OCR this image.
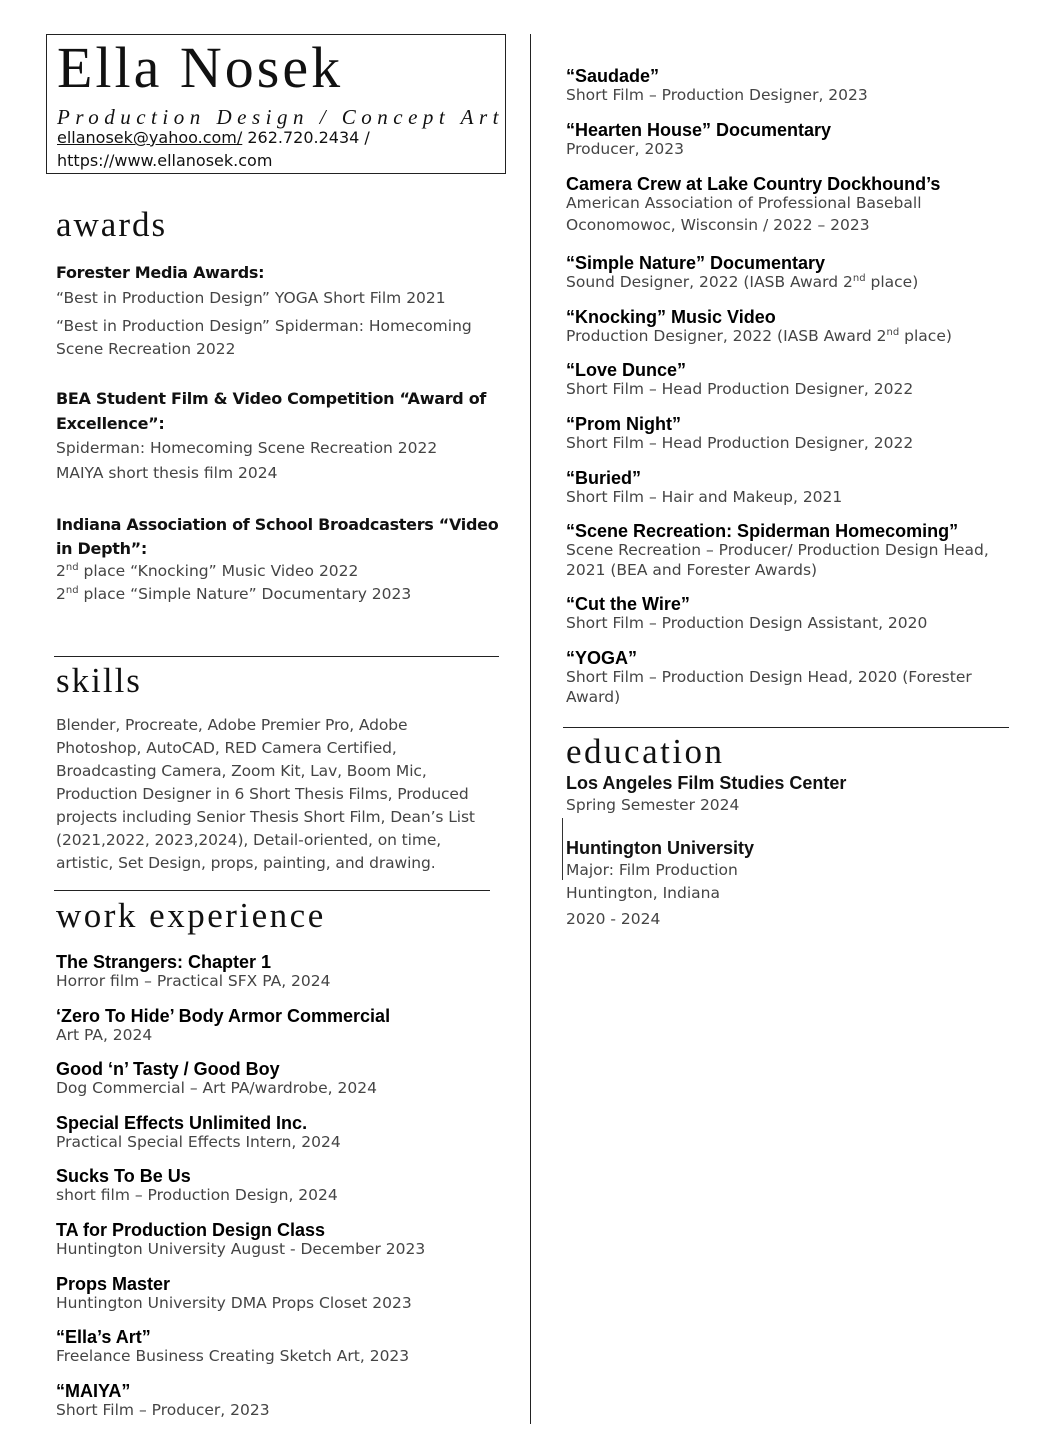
Ella Nosek
Production Design / Concept Art
ellanosek@yahoo.com/ 262.720.2434 /
https://www.ellanosek.com
awards
Forester Media Awards:
“Best in Production Design” YOGA Short Film 2021
“Best in Production Design” Spiderman: Homecoming
Scene Recreation 2022
BEA Student Film & Video Competition “Award of
Excellence”:
Spiderman: Homecoming Scene Recreation 2022
MAIYA short thesis film 2024
Indiana Association of School Broadcasters “Video
in Depth”:
2nd place “Knocking” Music Video 2022
2nd place “Simple Nature” Documentary 2023
skills
Blender, Procreate, Adobe Premier Pro, Adobe Photoshop, AutoCAD, RED Camera Certified, Broadcasting Camera, Zoom Kit, Lav, Boom Mic, Production Designer in 6 Short Thesis Films, Produced projects including Senior Thesis Short Film, Dean’s List (2021,2022, 2023,2024), Detail-oriented, on time, artistic, Set Design, props, painting, and drawing.
work experience
The Strangers: Chapter 1
Horror film – Practical SFX PA, 2024
‘Zero To Hide’ Body Armor Commercial
Art PA, 2024
Good ‘n’ Tasty / Good Boy
Dog Commercial – Art PA/wardrobe, 2024
Special Effects Unlimited Inc.
Practical Special Effects Intern, 2024
Sucks To Be Us
short film – Production Design, 2024
TA for Production Design Class
Huntington University August - December 2023
Props Master
Huntington University DMA Props Closet 2023
“Ella’s Art”
Freelance Business Creating Sketch Art, 2023
“MAIYA”
Short Film – Producer, 2023
“Saudade”
Short Film – Production Designer, 2023
“Hearten House” Documentary
Producer, 2023
Camera Crew at Lake Country Dockhound’s
American Association of Professional Baseball
Oconomowoc, Wisconsin / 2022 – 2023
“Simple Nature” Documentary
Sound Designer, 2022 (IASB Award 2nd place)
“Knocking” Music Video
Production Designer, 2022 (IASB Award 2nd place)
“Love Dunce”
Short Film – Head Production Designer, 2022
“Prom Night”
Short Film – Head Production Designer, 2022
“Buried”
Short Film – Hair and Makeup, 2021
“Scene Recreation: Spiderman Homecoming”
Scene Recreation – Producer/ Production Design Head,
2021 (BEA and Forester Awards)
“Cut the Wire”
Short Film – Production Design Assistant, 2020
“YOGA”
Short Film – Production Design Head, 2020 (Forester
Award)
education
Los Angeles Film Studies Center
Spring Semester 2024
Huntington University
Major: Film Production
Huntington, Indiana
2020 - 2024
